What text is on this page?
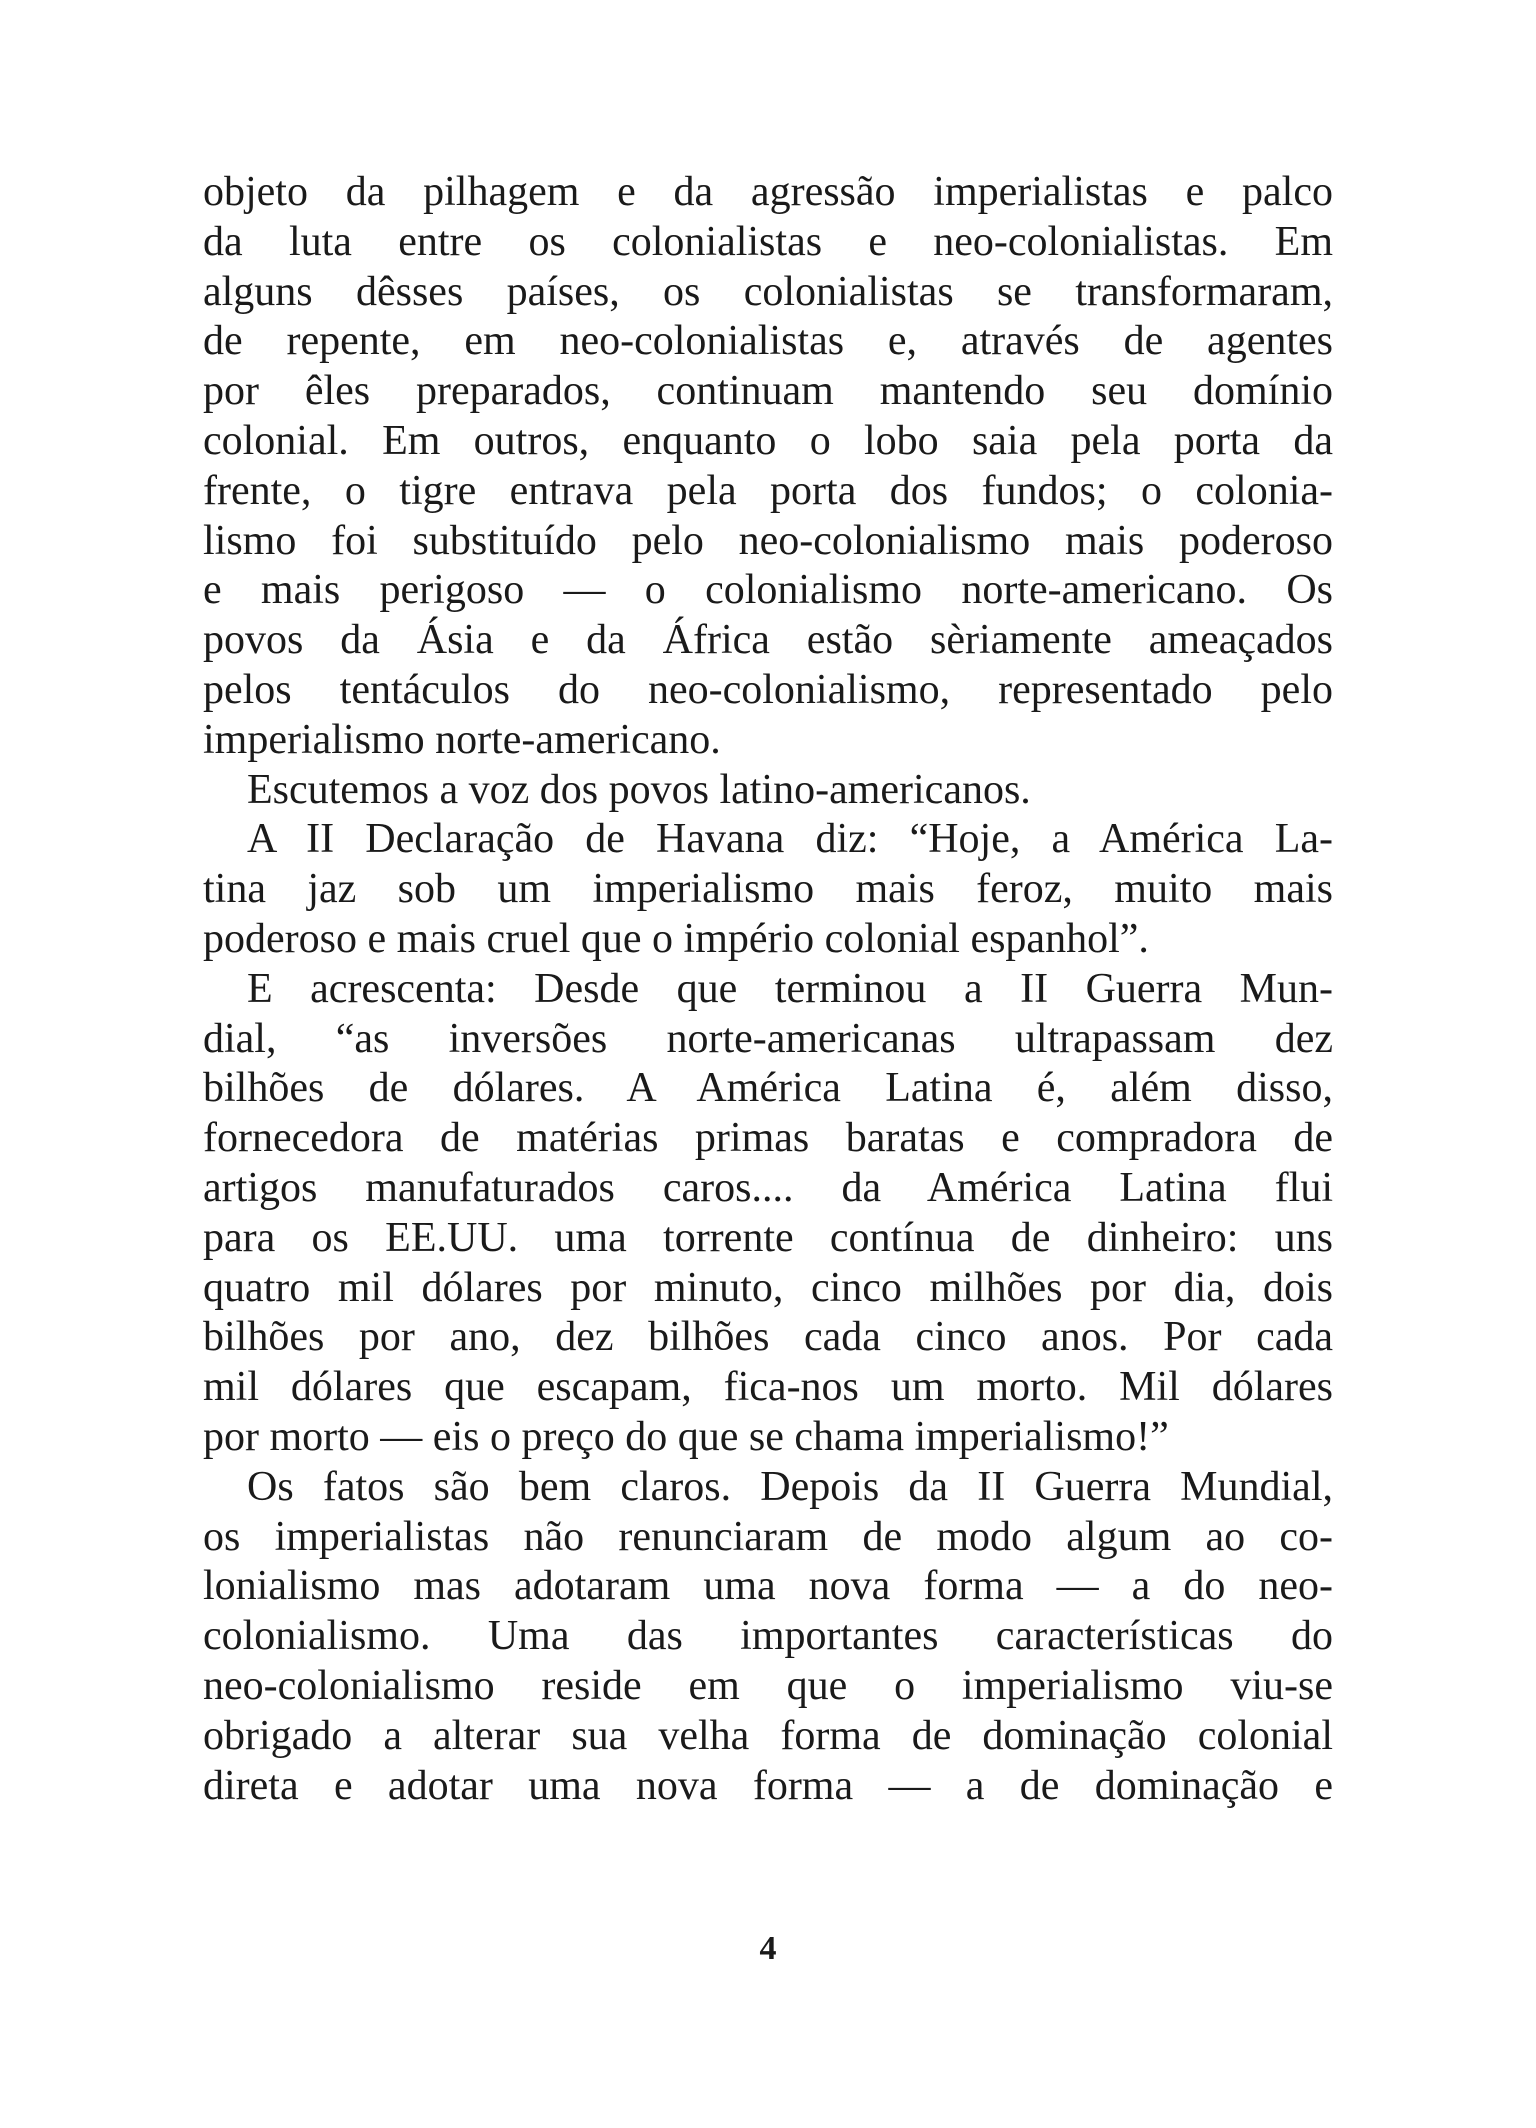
objeto da pilhagem e da agressão imperialistas e palco
da luta entre os colonialistas e neo-colonialistas. Em
alguns dêsses países, os colonialistas se transformaram,
de repente, em neo-colonialistas e, através de agentes
por êles preparados, continuam mantendo seu domínio
colonial. Em outros, enquanto o lobo saia pela porta da
frente, o tigre entrava pela porta dos fundos; o colonia-
lismo foi substituído pelo neo-colonialismo mais poderoso
e mais perigoso — o colonialismo norte-americano. Os
povos da Ásia e da África estão sèriamente ameaçados
pelos tentáculos do neo-colonialismo, representado pelo
imperialismo norte-americano.
Escutemos a voz dos povos latino-americanos.
A II Declaração de Havana diz: “Hoje, a América La-
tina jaz sob um imperialismo mais feroz, muito mais
poderoso e mais cruel que o império colonial espanhol”.
E acrescenta: Desde que terminou a II Guerra Mun-
dial, “as inversões norte-americanas ultrapassam dez
bilhões de dólares. A América Latina é, além disso,
fornecedora de matérias primas baratas e compradora de
artigos manufaturados caros.... da América Latina flui
para os EE.UU. uma torrente contínua de dinheiro: uns
quatro mil dólares por minuto, cinco milhões por dia, dois
bilhões por ano, dez bilhões cada cinco anos. Por cada
mil dólares que escapam, fica-nos um morto. Mil dólares
por morto — eis o preço do que se chama imperialismo!”
Os fatos são bem claros. Depois da II Guerra Mundial,
os imperialistas não renunciaram de modo algum ao co-
lonialismo mas adotaram uma nova forma — a do neo-
colonialismo. Uma das importantes características do
neo-colonialismo reside em que o imperialismo viu-se
obrigado a alterar sua velha forma de dominação colonial
direta e adotar uma nova forma — a de dominação e
4
